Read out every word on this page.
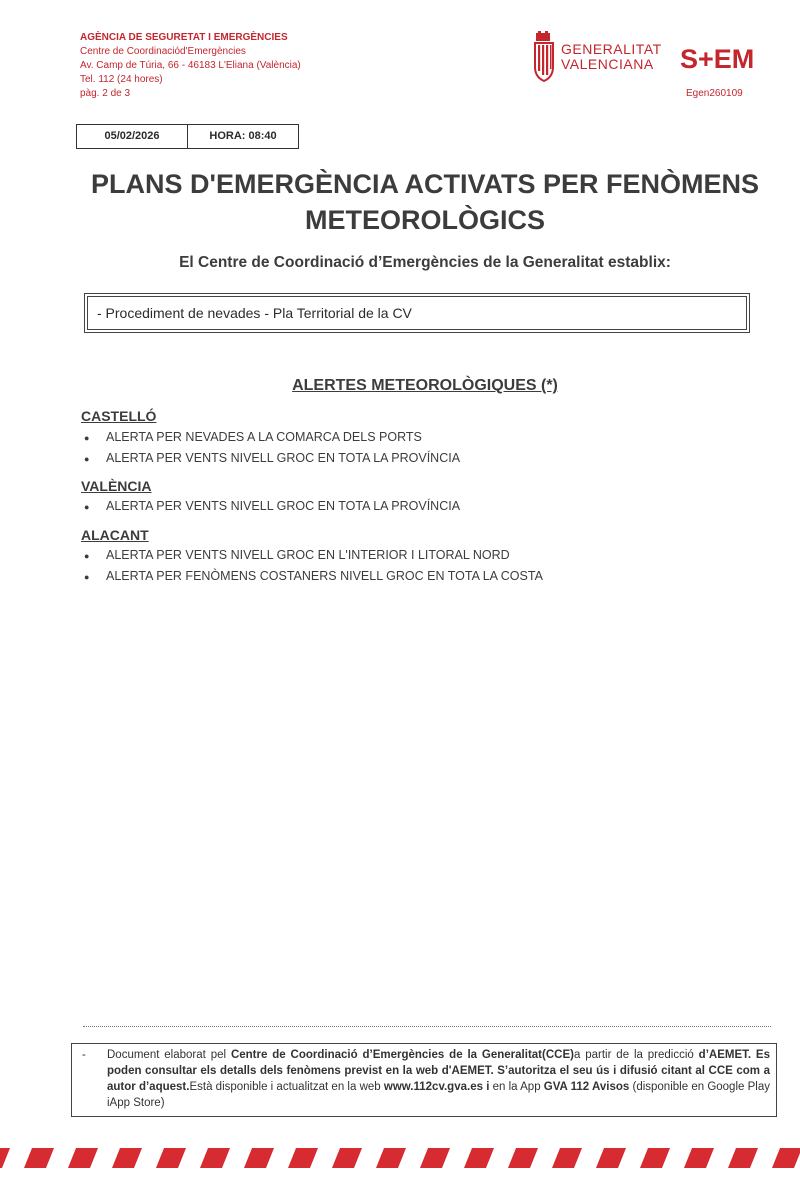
AGÈNCIA DE SEGURETAT I EMERGÈNCIES
Centre de Coordinaciód'Emergències
Av. Camp de Túria, 66 - 46183 L'Eliana (València)
Tel. 112 (24 hores)
pàg. 2 de 3
GENERALITAT
VALENCIANA S+EM
Egen260109
05/02/2026	HORA: 08:40
PLANS D'EMERGÈNCIA ACTIVATS PER FENÒMENS
METEOROLÒGICS
El Centre de Coordinació d’Emergències de la Generalitat establix:
- Procediment de nevades - Pla Territorial de la CV
ALERTES METEOROLÒGIQUES (*)
CASTELLÓ
● ALERTA PER NEVADES A LA COMARCA DELS PORTS
● ALERTA PER VENTS NIVELL GROC EN TOTA LA PROVÍNCIA
VALÈNCIA
● ALERTA PER VENTS NIVELL GROC EN TOTA LA PROVÍNCIA
ALACANT
● ALERTA PER VENTS NIVELL GROC EN L'INTERIOR I LITORAL NORD
● ALERTA PER FENÒMENS COSTANERS NIVELL GROC EN TOTA LA COSTA
- Document elaborat pel Centre de Coordinació d’Emergències de la Generalitat(CCE)a partir de la predicció d’AEMET. Es poden consultar els detalls dels fenòmens previst en la web d'AEMET. S’autoritza el seu ús i difusió citant al CCE com a autor d’aquest.Està disponible i actualitzat en la web www.112cv.gva.es i en la App GVA 112 Avisos (disponible en Google Play iApp Store)
